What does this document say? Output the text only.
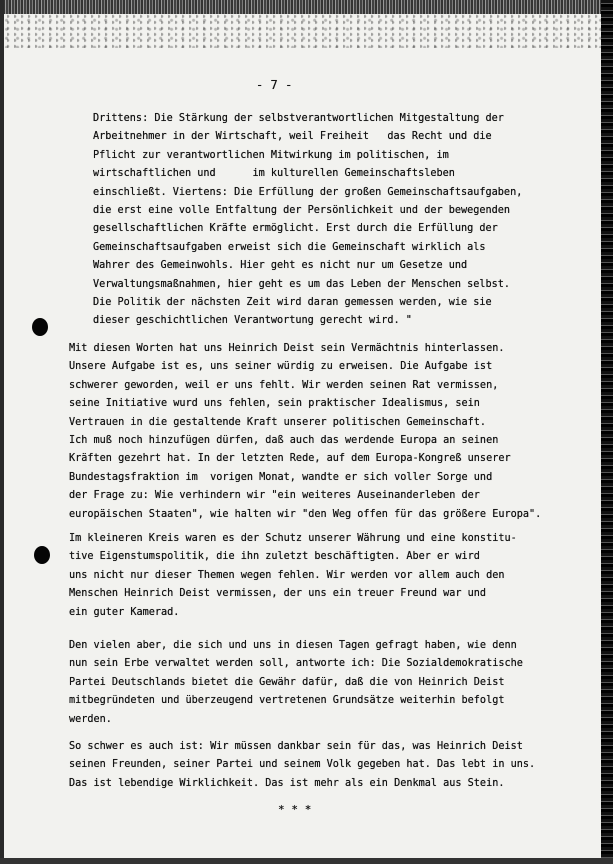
- 7 -
Drittens: Die Stärkung der selbstverantwortlichen Mitgestaltung der
Arbeitnehmer in der Wirtschaft, weil Freiheit   das Recht und die
Pflicht zur verantwortlichen Mitwirkung im politischen, im
wirtschaftlichen und      im kulturellen Gemeinschaftsleben
einschließt. Viertens: Die Erfüllung der großen Gemeinschaftsaufgaben,
die erst eine volle Entfaltung der Persönlichkeit und der bewegenden
gesellschaftlichen Kräfte ermöglicht. Erst durch die Erfüllung der
Gemeinschaftsaufgaben erweist sich die Gemeinschaft wirklich als
Wahrer des Gemeinwohls. Hier geht es nicht nur um Gesetze und
Verwaltungsmaßnahmen, hier geht es um das Leben der Menschen selbst.
Die Politik der nächsten Zeit wird daran gemessen werden, wie sie
dieser geschichtlichen Verantwortung gerecht wird. "
Mit diesen Worten hat uns Heinrich Deist sein Vermächtnis hinterlassen.
Unsere Aufgabe ist es, uns seiner würdig zu erweisen. Die Aufgabe ist
schwerer geworden, weil er uns fehlt. Wir werden seinen Rat vermissen,
seine Initiative wurd uns fehlen, sein praktischer Idealismus, sein
Vertrauen in die gestaltende Kraft unserer politischen Gemeinschaft.
Ich muß noch hinzufügen dürfen, daß auch das werdende Europa an seinen
Kräften gezehrt hat. In der letzten Rede, auf dem Europa-Kongreß unserer
Bundestagsfraktion im  vorigen Monat, wandte er sich voller Sorge und
der Frage zu: Wie verhindern wir "ein weiteres Auseinanderleben der
europäischen Staaten", wie halten wir "den Weg offen für das größere Europa".
Im kleineren Kreis waren es der Schutz unserer Währung und eine konstitu-
tive Eigenstumspolitik, die ihn zuletzt beschäftigten. Aber er wird
uns nicht nur dieser Themen wegen fehlen. Wir werden vor allem auch den
Menschen Heinrich Deist vermissen, der uns ein treuer Freund war und
ein guter Kamerad.
Den vielen aber, die sich und uns in diesen Tagen gefragt haben, wie denn
nun sein Erbe verwaltet werden soll, antworte ich: Die Sozialdemokratische
Partei Deutschlands bietet die Gewähr dafür, daß die von Heinrich Deist
mitbegründeten und überzeugend vertretenen Grundsätze weiterhin befolgt
werden.
So schwer es auch ist: Wir müssen dankbar sein für das, was Heinrich Deist
seinen Freunden, seiner Partei und seinem Volk gegeben hat. Das lebt in uns.
Das ist lebendige Wirklichkeit. Das ist mehr als ein Denkmal aus Stein.
* * *
